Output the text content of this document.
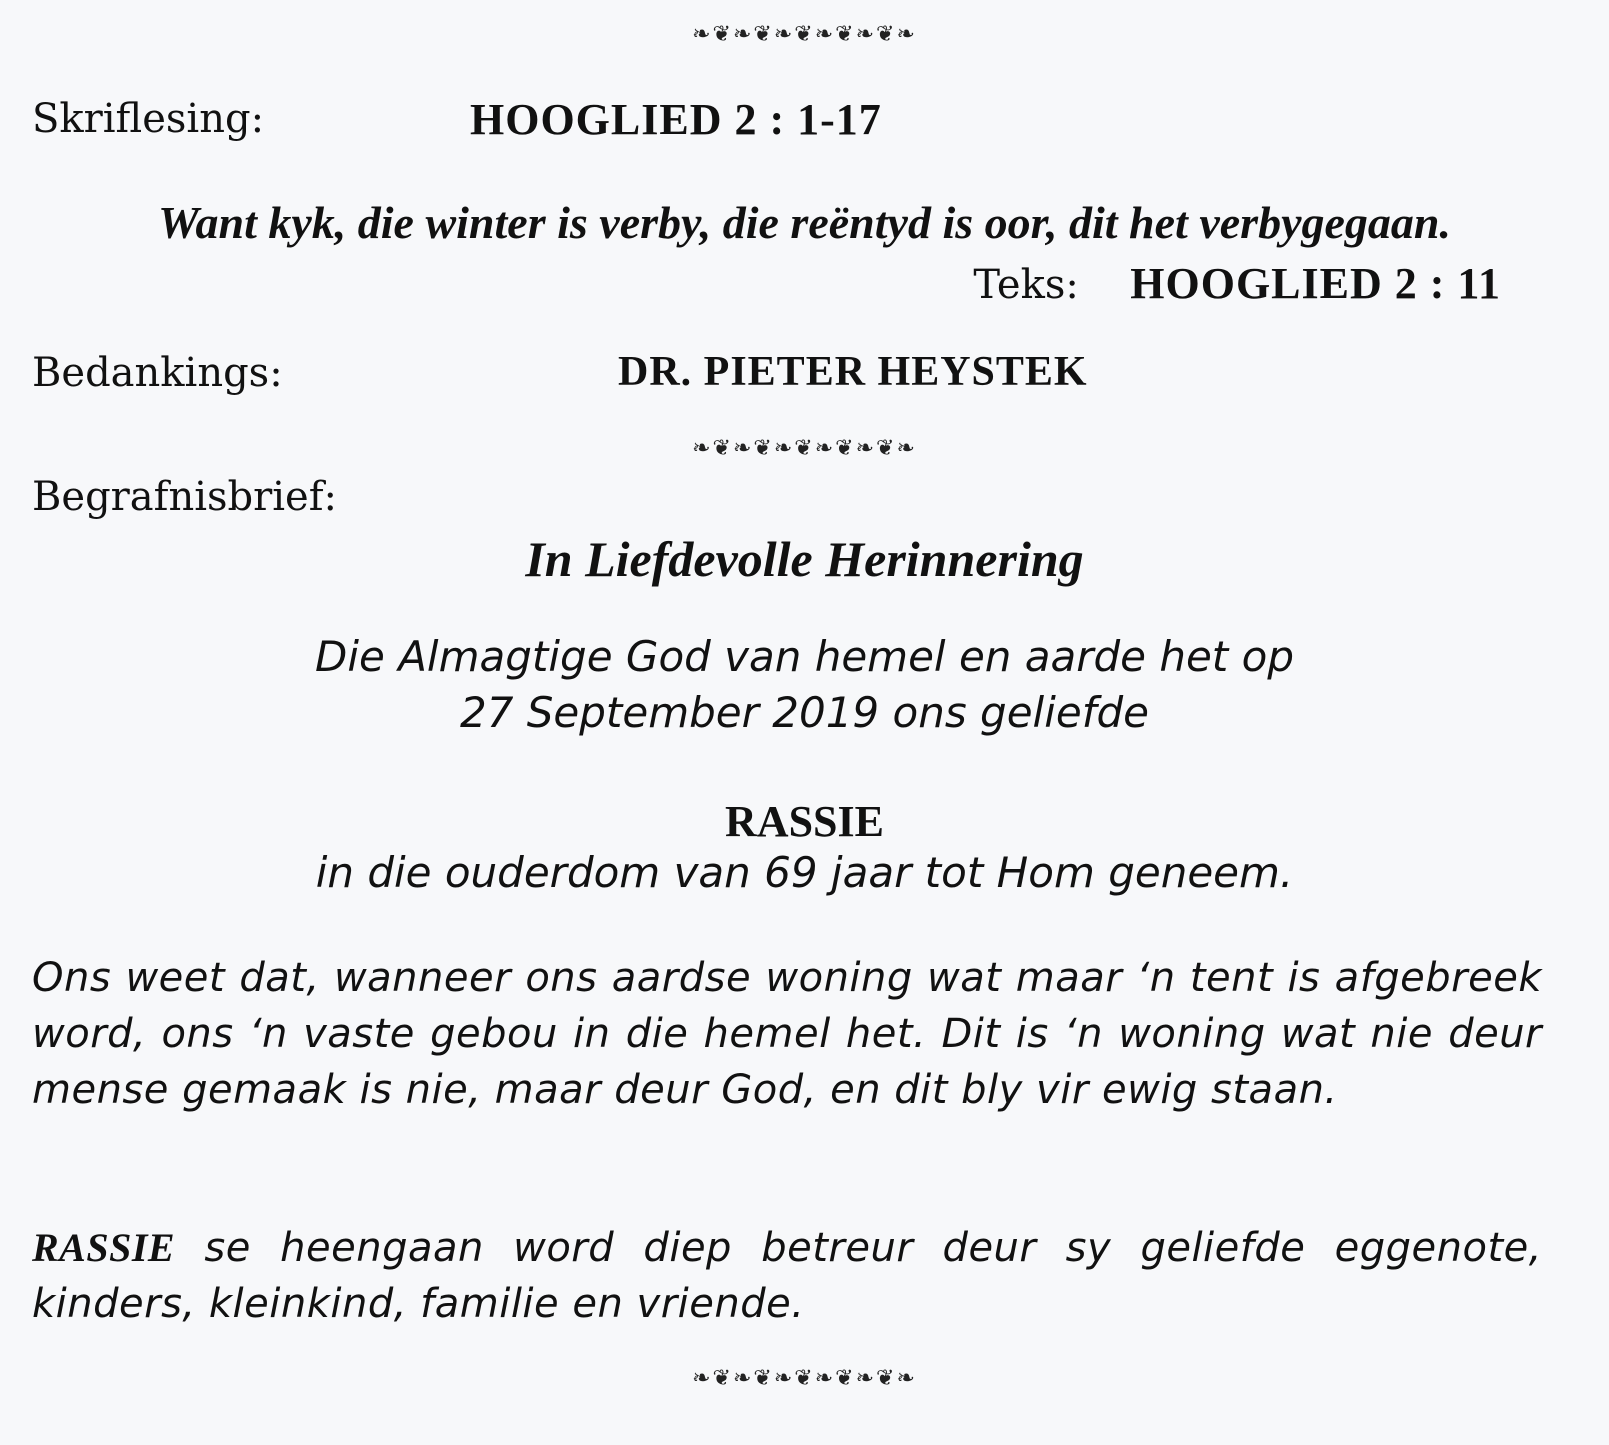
❧❦❧❦❧❦❧❦❧❦❧
Skriflesing:	HOOGLIED 2 : 1-17
Want kyk, die winter is verby, die reëntyd is oor, dit het verbygegaan.
Teks: HOOGLIED 2 : 11
Bedankings:	DR. PIETER HEYSTEK
❧❦❧❦❧❦❧❦❧❦❧
Begrafnisbrief:
In Liefdevolle Herinnering
Die Almagtige God van hemel en aarde het op
27 September 2019 ons geliefde
RASSIE
in die ouderdom van 69 jaar tot Hom geneem.
Ons weet dat, wanneer ons aardse woning wat maar ‘n tent is afgebreek word, ons ‘n vaste gebou in die hemel het. Dit is ‘n woning wat nie deur mense gemaak is nie, maar deur God, en dit bly vir ewig staan.
RASSIE se heengaan word diep betreur deur sy geliefde eggenote, kinders, kleinkind, familie en vriende.
❧❦❧❦❧❦❧❦❧❦❧
